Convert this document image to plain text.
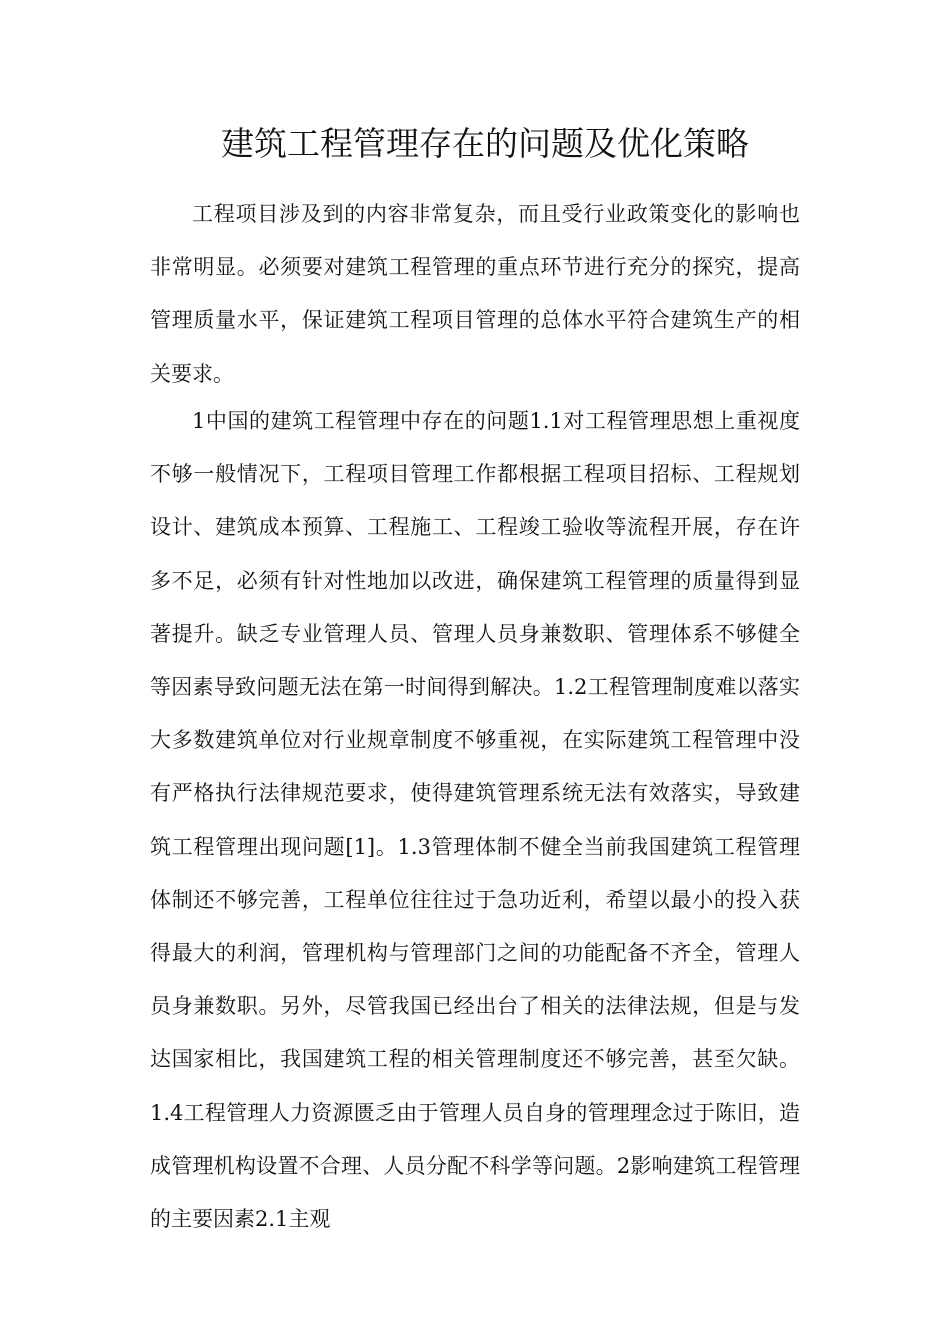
建筑工程管理存在的问题及优化策略

工程项目涉及到的内容非常复杂，而且受行业政策变化的影响也非常明显。必须要对建筑工程管理的重点环节进行充分的探究，提高管理质量水平，保证建筑工程项目管理的总体水平符合建筑生产的相关要求。

1中国的建筑工程管理中存在的问题1.1对工程管理思想上重视度不够一般情况下，工程项目管理工作都根据工程项目招标、工程规划设计、建筑成本预算、工程施工、工程竣工验收等流程开展，存在许多不足，必须有针对性地加以改进，确保建筑工程管理的质量得到显著提升。缺乏专业管理人员、管理人员身兼数职、管理体系不够健全等因素导致问题无法在第一时间得到解决。1.2工程管理制度难以落实大多数建筑单位对行业规章制度不够重视，在实际建筑工程管理中没有严格执行法律规范要求，使得建筑管理系统无法有效落实，导致建筑工程管理出现问题[1]。1.3管理体制不健全当前我国建筑工程管理体制还不够完善，工程单位往往过于急功近利，希望以最小的投入获得最大的利润，管理机构与管理部门之间的功能配备不齐全，管理人员身兼数职。另外，尽管我国已经出台了相关的法律法规，但是与发达国家相比，我国建筑工程的相关管理制度还不够完善，甚至欠缺。1.4工程管理人力资源匮乏由于管理人员自身的管理理念过于陈旧，造成管理机构设置不合理、人员分配不科学等问题。2影响建筑工程管理的主要因素2.1主观
